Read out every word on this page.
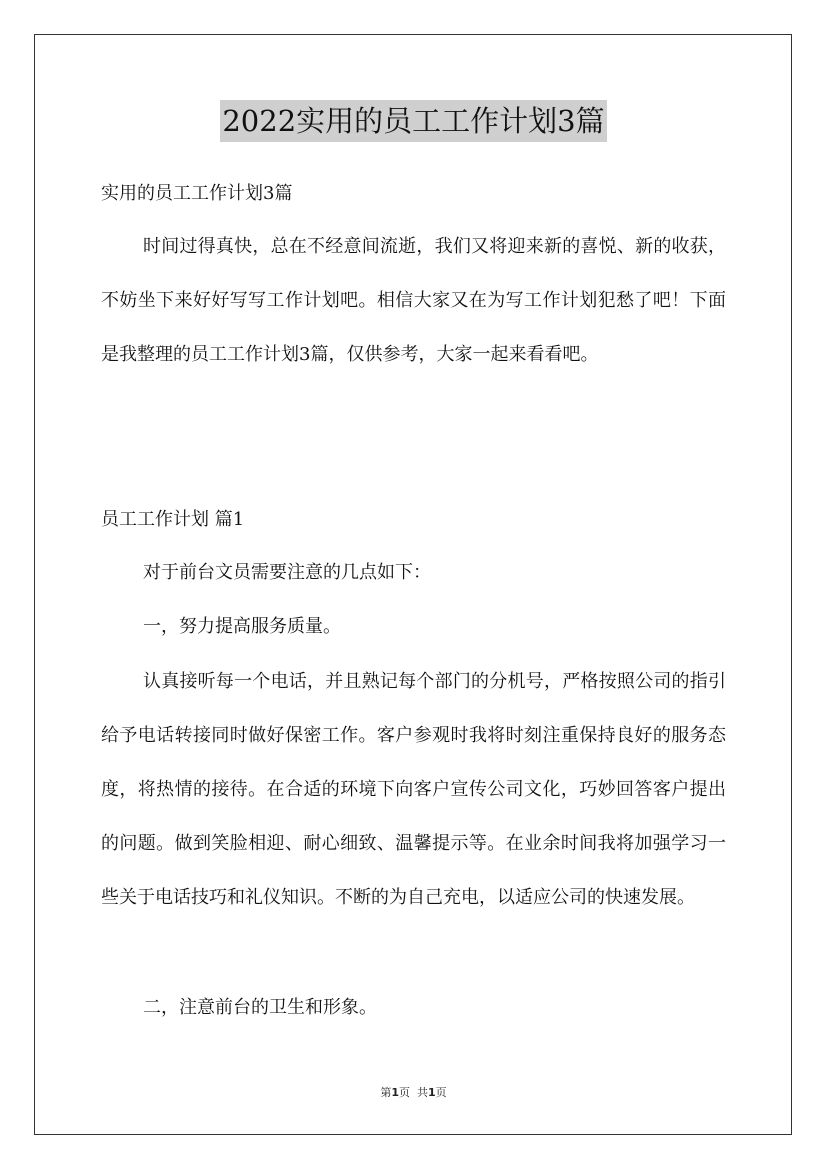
2022实用的员工工作计划3篇

实用的员工工作计划3篇

时间过得真快，总在不经意间流逝，我们又将迎来新的喜悦、新的收获，不妨坐下来好好写写工作计划吧。相信大家又在为写工作计划犯愁了吧！下面是我整理的员工工作计划3篇，仅供参考，大家一起来看看吧。

员工工作计划 篇1

对于前台文员需要注意的几点如下：

一，努力提高服务质量。

认真接听每一个电话，并且熟记每个部门的分机号，严格按照公司的指引给予电话转接同时做好保密工作。客户参观时我将时刻注重保持良好的服务态度，将热情的接待。在合适的环境下向客户宣传公司文化，巧妙回答客户提出的问题。做到笑脸相迎、耐心细致、温馨提示等。在业余时间我将加强学习一些关于电话技巧和礼仪知识。不断的为自己充电，以适应公司的快速发展。

二，注意前台的卫生和形象。

第1页 共1页
